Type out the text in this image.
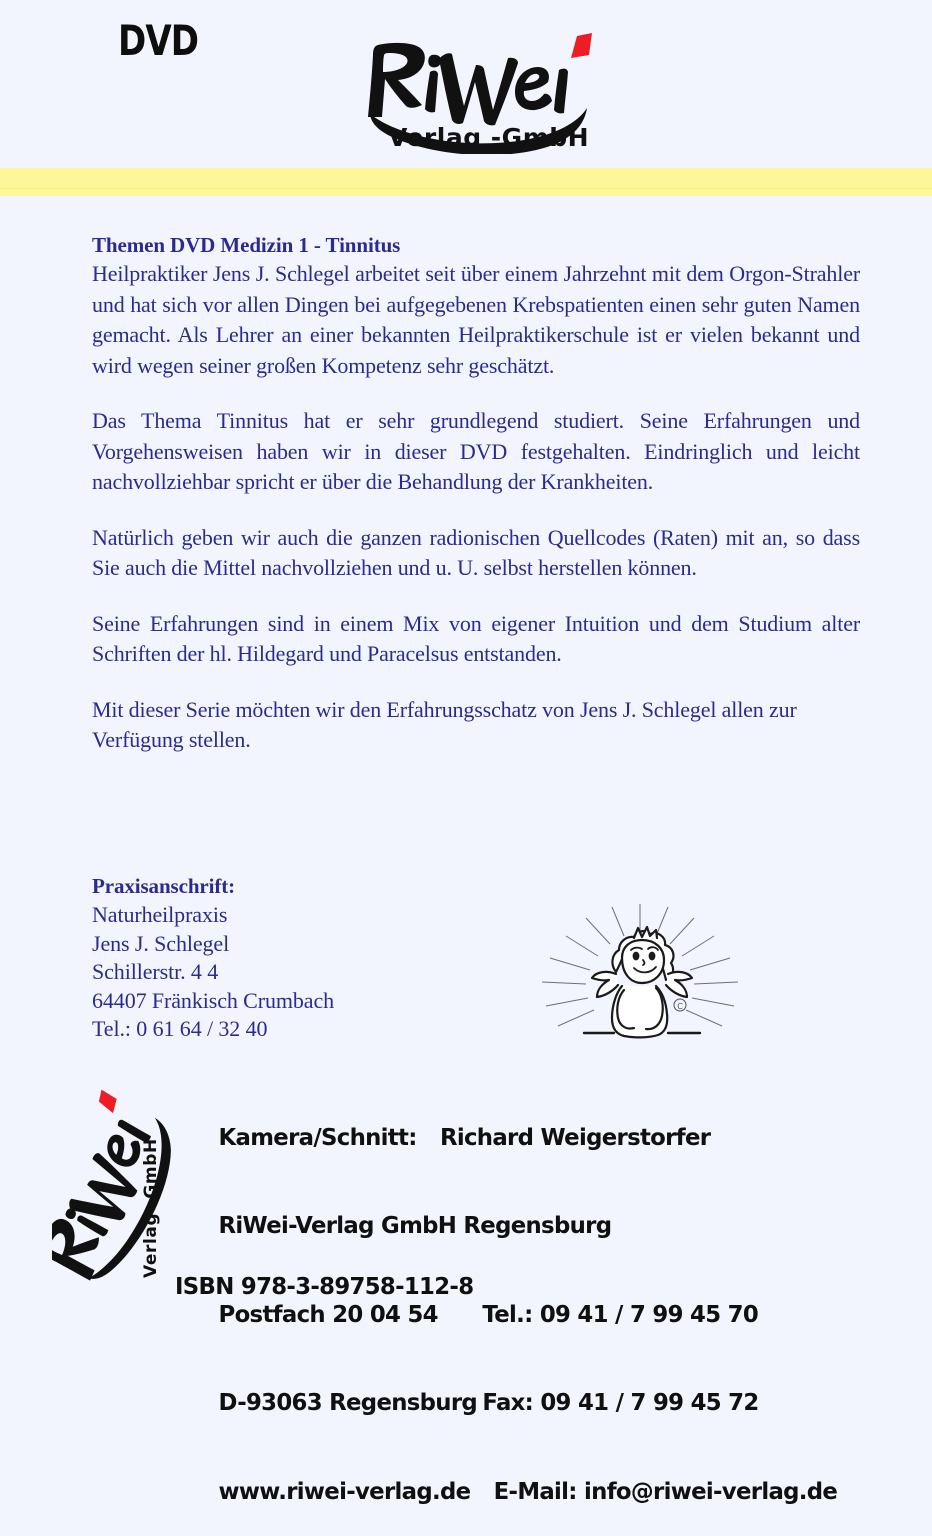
DVD
Verlag -GmbH

Themen DVD Medizin 1 - Tinnitus

Heilpraktiker Jens J. Schlegel arbeitet seit über einem Jahrzehnt mit dem Orgon-Strahler und hat sich vor allen Dingen bei aufgegebenen Krebspatienten einen sehr guten Namen gemacht. Als Lehrer an einer bekannten Heilpraktikerschule ist er vielen bekannt und wird wegen seiner großen Kompetenz sehr geschätzt.

Das Thema Tinnitus hat er sehr grundlegend studiert. Seine Erfahrungen und Vorgehensweisen haben wir in dieser DVD festgehalten. Eindringlich und leicht nachvollziehbar spricht er über die Behandlung der Krankheiten.

Natürlich geben wir auch die ganzen radionischen Quellcodes (Raten) mit an, so dass Sie auch die Mittel nachvollziehen und u. U. selbst herstellen können.

Seine Erfahrungen sind in einem Mix von eigener Intuition und dem Studium alter Schriften der hl. Hildegard und Paracelsus entstanden.

Mit dieser Serie möchten wir den Erfahrungsschatz von Jens J. Schlegel allen zur Verfügung stellen.

Praxisanschrift:

Naturheilpraxis

Jens J. Schlegel

Schillerstr. 4 4

64407 Fränkisch Crumbach

Tel.: 0 61 64 / 32 40

C
Verlag -GmbH

Kamera/Schnitt: Richard Weigerstorfer

RiWei-Verlag GmbH Regensburg

Postfach 20 04 54 Tel.: 09 41 / 7 99 45 70

D-93063 Regensburg Fax: 09 41 / 7 99 45 72

www.riwei-verlag.de E-Mail: info@riwei-verlag.de

ISBN 978-3-89758-112-8
